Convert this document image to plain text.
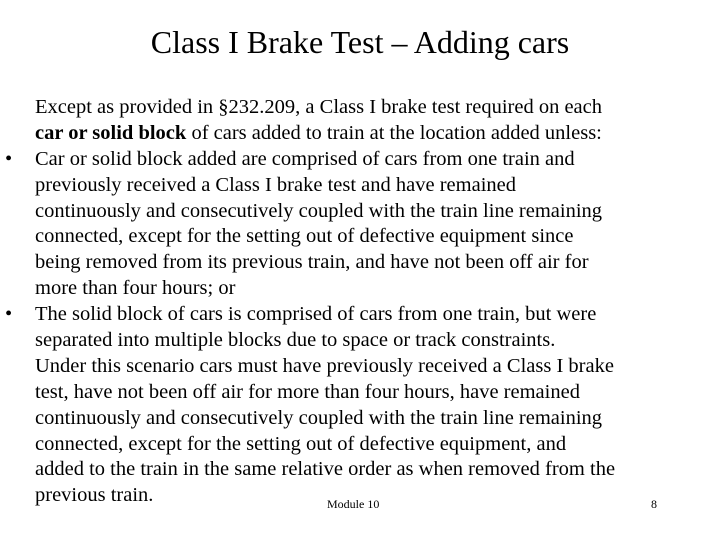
Class I Brake Test – Adding cars
Except as provided in §232.209, a Class I brake test required on each
car or solid block of cars added to train at the location added unless:
•	Car or solid block added are comprised of cars from one train and
previously received a Class I brake test and have remained
continuously and consecutively coupled with the train line remaining
connected, except for the setting out of defective equipment since
being removed from its previous train, and have not been off air for
more than four hours; or
•	The solid block of cars is comprised of cars from one train, but were
separated into multiple blocks due to space or track constraints.
Under this scenario cars must have previously received a Class I brake
test, have not been off air for more than four hours, have remained
continuously and consecutively coupled with the train line remaining
connected, except for the setting out of defective equipment, and
added to the train in the same relative order as when removed from the
previous train.	Module 10	8
